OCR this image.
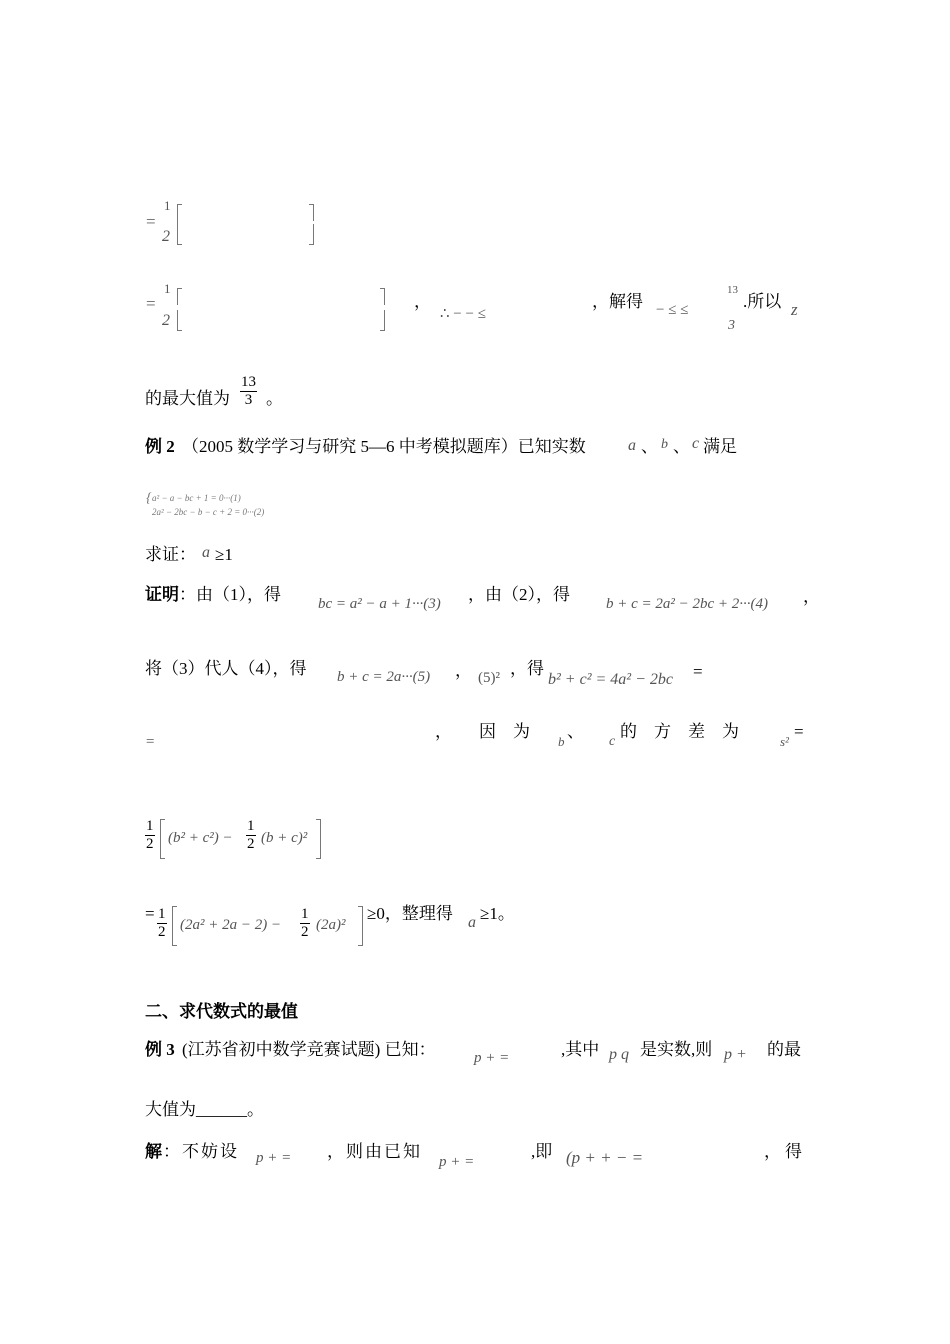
=
1
2
=
1
2
，
∴ − − ≤
，解得 − ≤ ≤
13
3
.所以 z
的最大值为 $\frac{13}{3}$ 。
例 2 （2005 数学学习与研究 5—6 中考模拟题库）已知实数	a 、 b 、 c 满足
{ a² − a − bc + 1 = 0···(1)
2a² − 2bc − b − c + 2 = 0···(2)
求证： a ≥1
证明 ：由（1），得 bc = a² − a + 1···(3) ，由（2），得 b + c = 2a² − 2bc + 2···(4) ，
将（3）代人（4），得 b + c = 2a···(5) ， (5)² ，得
b² + c² = 4a² − 2bc =
=
， 因　为
b
、
c
的　方　差　为
s²
=
$\frac{1}{2} (b^2 + c^2) - \frac{1}{2} (b + c)^2$
= $\frac{1}{2} (2a^2 + 2a - 2) - \frac{1}{2} (2a)^2$
≥0，整理得 a ≥1。
二、求代数式的最值
例 3 (江苏省初中数学竞赛试题) 已知：	p + =	,其中 p q 是实数,则 p + 的最
大值为______。
解 ：不妨设 p + = ，则由已知
p + =
,即 (p + + − =	，得
